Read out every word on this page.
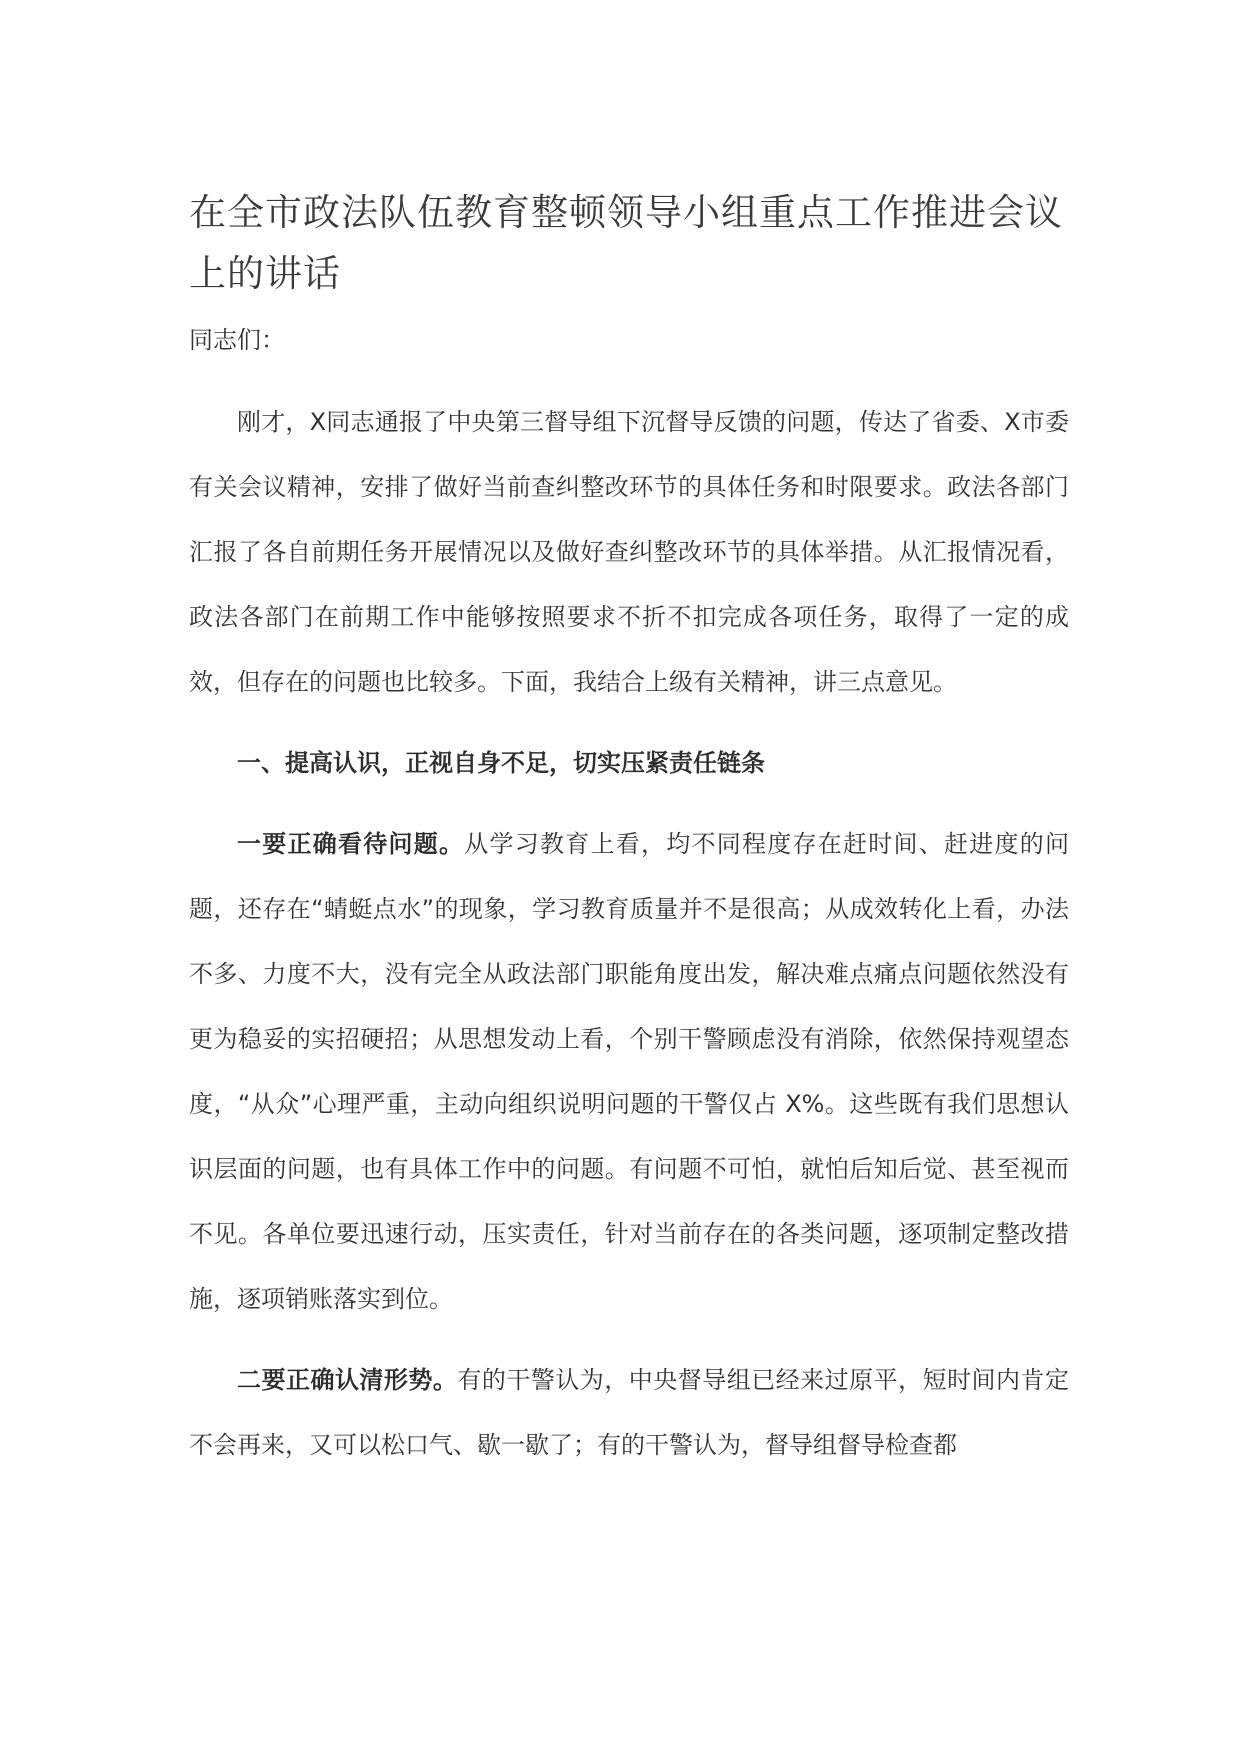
在全市政法队伍教育整顿领导小组重点工作推进会议上的讲话

同志们：

刚才，X同志通报了中央第三督导组下沉督导反馈的问题，传达了省委、X市委有关会议精神，安排了做好当前查纠整改环节的具体任务和时限要求。政法各部门汇报了各自前期任务开展情况以及做好查纠整改环节的具体举措。从汇报情况看，政法各部门在前期工作中能够按照要求不折不扣完成各项任务，取得了一定的成效，但存在的问题也比较多。下面，我结合上级有关精神，讲三点意见。

一、提高认识，正视自身不足，切实压紧责任链条

一要正确看待问题。从学习教育上看，均不同程度存在赶时间、赶进度的问题，还存在“蜻蜓点水”的现象，学习教育质量并不是很高；从成效转化上看，办法不多、力度不大，没有完全从政法部门职能角度出发，解决难点痛点问题依然没有更为稳妥的实招硬招；从思想发动上看，个别干警顾虑没有消除，依然保持观望态度，“从众”心理严重，主动向组织说明问题的干警仅占 X%。这些既有我们思想认识层面的问题，也有具体工作中的问题。有问题不可怕，就怕后知后觉、甚至视而不见。各单位要迅速行动，压实责任，针对当前存在的各类问题，逐项制定整改措施，逐项销账落实到位。

二要正确认清形势。有的干警认为，中央督导组已经来过原平，短时间内肯定不会再来，又可以松口气、歇一歇了；有的干警认为，督导组督导检查都
